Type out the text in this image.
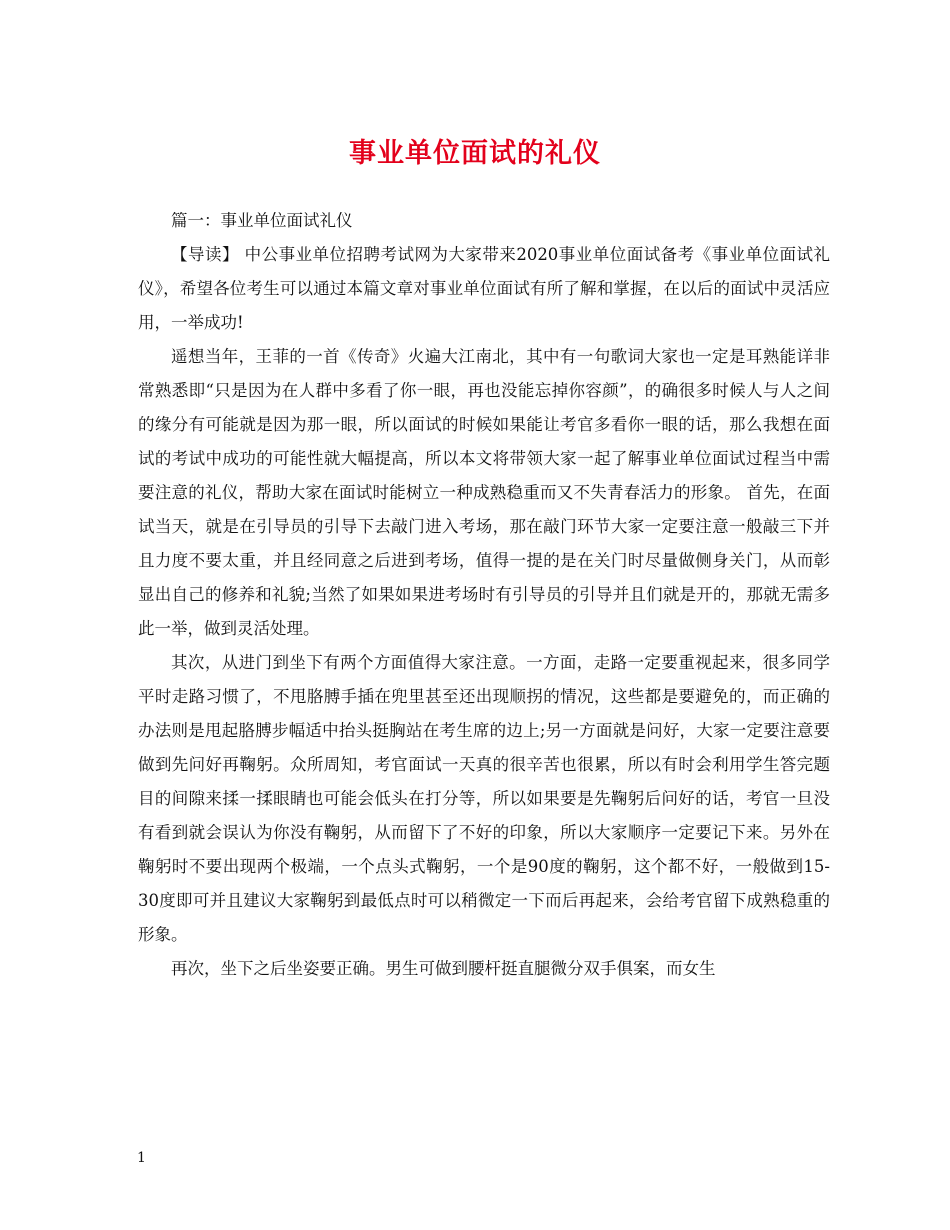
事业单位面试的礼仪

篇一：事业单位面试礼仪

【导读】 中公事业单位招聘考试网为大家带来2020事业单位面试备考《事业单位面试礼仪》，希望各位考生可以通过本篇文章对事业单位面试有所了解和掌握，在以后的面试中灵活应用，一举成功!

遥想当年，王菲的一首《传奇》火遍大江南北，其中有一句歌词大家也一定是耳熟能详非常熟悉即“只是因为在人群中多看了你一眼，再也没能忘掉你容颜”，的确很多时候人与人之间的缘分有可能就是因为那一眼，所以面试的时候如果能让考官多看你一眼的话，那么我想在面试的考试中成功的可能性就大幅提高，所以本文将带领大家一起了解事业单位面试过程当中需要注意的礼仪，帮助大家在面试时能树立一种成熟稳重而又不失青春活力的形象。 首先，在面试当天，就是在引导员的引导下去敲门进入考场，那在敲门环节大家一定要注意一般敲三下并且力度不要太重，并且经同意之后进到考场，值得一提的是在关门时尽量做侧身关门，从而彰显出自己的修养和礼貌;当然了如果如果进考场时有引导员的引导并且们就是开的，那就无需多此一举，做到灵活处理。

其次，从进门到坐下有两个方面值得大家注意。一方面，走路一定要重视起来，很多同学平时走路习惯了，不甩胳膊手插在兜里甚至还出现顺拐的情况，这些都是要避免的，而正确的办法则是甩起胳膊步幅适中抬头挺胸站在考生席的边上;另一方面就是问好，大家一定要注意要做到先问好再鞠躬。众所周知，考官面试一天真的很辛苦也很累，所以有时会利用学生答完题目的间隙来揉一揉眼睛也可能会低头在打分等，所以如果要是先鞠躬后问好的话，考官一旦没有看到就会误认为你没有鞠躬，从而留下了不好的印象，所以大家顺序一定要记下来。另外在鞠躬时不要出现两个极端，一个点头式鞠躬，一个是90度的鞠躬，这个都不好，一般做到15-30度即可并且建议大家鞠躬到最低点时可以稍微定一下而后再起来，会给考官留下成熟稳重的形象。

再次，坐下之后坐姿要正确。男生可做到腰杆挺直腿微分双手俱案，而女生

1
